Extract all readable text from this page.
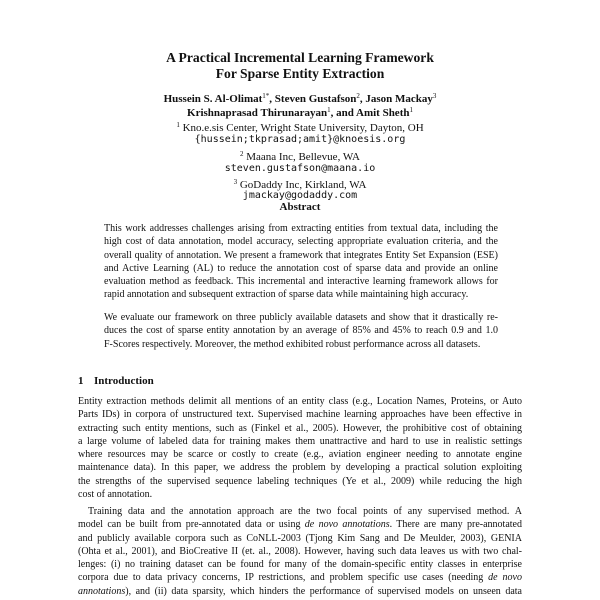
A Practical Incremental Learning Framework
For Sparse Entity Extraction
Hussein S. Al-Olimat$^{1*}$, Steven Gustafson$^2$, Jason Mackay$^3$
Krishnaprasad Thirunarayan$^1$, and Amit Sheth$^1$
$^1$ Kno.e.sis Center, Wright State University, Dayton, OH
{hussein;tkprasad;amit}@knoesis.org
$^2$ Maana Inc, Bellevue, WA
steven.gustafson@maana.io
$^3$ GoDaddy Inc, Kirkland, WA
jmackay@godaddy.com
Abstract
This work addresses challenges arising from extracting entities from textual data, including the
high cost of data annotation, model accuracy, selecting appropriate evaluation criteria, and the
overall quality of annotation. We present a framework that integrates Entity Set Expansion (ESE)
and Active Learning (AL) to reduce the annotation cost of sparse data and provide an online
evaluation method as feedback. This incremental and interactive learning framework allows for
rapid annotation and subsequent extraction of sparse data while maintaining high accuracy.
We evaluate our framework on three publicly available datasets and show that it drastically re-
duces the cost of sparse entity annotation by an average of 85% and 45% to reach 0.9 and 1.0
F-Scores respectively. Moreover, the method exhibited robust performance across all datasets.
1 Introduction
Entity extraction methods delimit all mentions of an entity class (e.g., Location Names, Proteins, or Auto
Parts IDs) in corpora of unstructured text. Supervised machine learning approaches have been effective in
extracting such entity mentions, such as (Finkel et al., 2005). However, the prohibitive cost of obtaining
a large volume of labeled data for training makes them unattractive and hard to use in realistic settings
where resources may be scarce or costly to create (e.g., aviation engineer needing to annotate engine
maintenance data). In this paper, we address the problem by developing a practical solution exploiting
the strengths of the supervised sequence labeling techniques (Ye et al., 2009) while reducing the high
cost of annotation.
Training data and the annotation approach are the two focal points of any supervised method. A
model can be built from pre-annotated data or using de novo annotations. There are many pre-annotated
and publicly available corpora such as CoNLL-2003 (Tjong Kim Sang and De Meulder, 2003), GENIA
(Ohta et al., 2001), and BioCreative II (et. al., 2008). However, having such data leaves us with two chal-
lenges: (i) no training dataset can be found for many of the domain-specific entity classes in enterprise
corpora due to data privacy concerns, IP restrictions, and problem specific use cases (needing de novo
annotations), and (ii) data sparsity, which hinders the performance of supervised models on unseen data
